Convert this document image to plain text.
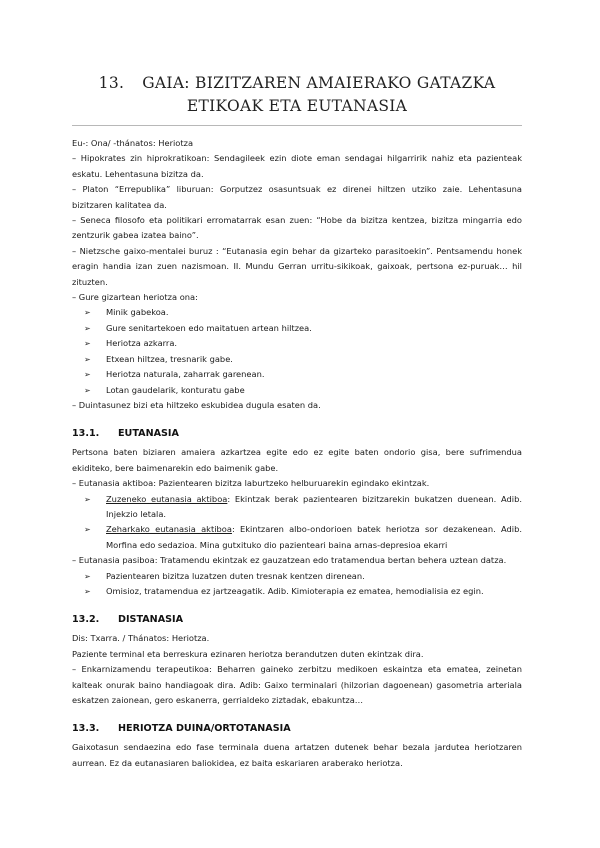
13. GAIA: BIZITZAREN AMAIERAKO GATAZKA
ETIKOAK ETA EUTANASIA

Eu-: Ona/ -thánatos: Heriotza

– Hipokrates zin hiprokratikoan: Sendagileek ezin diote eman sendagai hilgarririk nahiz eta pazienteak eskatu. Lehentasuna bizitza da.

– Platon “Errepublika” liburuan: Gorputzez osasuntsuak ez direnei hiltzen utziko zaie. Lehentasuna bizitzaren kalitatea da.

– Seneca filosofo eta politikari erromatarrak esan zuen: “Hobe da bizitza kentzea, bizitza mingarria edo zentzurik gabea izatea baino”.

– Nietzsche gaixo-mentalei buruz : “Eutanasia egin behar da gizarteko parasitoekin”. Pentsamendu honek eragin handia izan zuen nazismoan. II. Mundu Gerran urritu-sikikoak, gaixoak, pertsona ez-puruak… hil zituzten.

– Gure gizartean heriotza ona:

➢ Minik gabekoa.
➢ Gure senitartekoen edo maitatuen artean hiltzea.
➢ Heriotza azkarra.
➢ Etxean hiltzea, tresnarik gabe.
➢ Heriotza naturala, zaharrak garenean.
➢ Lotan gaudelarik, konturatu gabe

– Duintasunez bizi eta hiltzeko eskubidea dugula esaten da.

13.1. EUTANASIA

Pertsona baten biziaren amaiera azkartzea egite edo ez egite baten ondorio gisa, bere sufrimendua ekiditeko, bere baimenarekin edo baimenik gabe.

– Eutanasia aktiboa: Pazientearen bizitza laburtzeko helburuarekin egindako ekintzak.

➢ Zuzeneko eutanasia aktiboa: Ekintzak berak pazientearen bizitzarekin bukatzen duenean. Adib. Injekzio letala.
➢ Zeharkako eutanasia aktiboa: Ekintzaren albo-ondorioen batek heriotza sor dezakenean. Adib. Morfina edo sedazioa. Mina gutxituko dio pazienteari baina arnas-depresioa ekarri

– Eutanasia pasiboa: Tratamendu ekintzak ez gauzatzean edo tratamendua bertan behera uztean datza.

➢ Pazientearen bizitza luzatzen duten tresnak kentzen direnean.
➢ Omisioz, tratamendua ez jartzeagatik. Adib. Kimioterapia ez ematea, hemodialisia ez egin.
13.2. DISTANASIA

Dis: Txarra. / Thánatos: Heriotza.

Paziente terminal eta berreskura ezinaren heriotza berandutzen duten ekintzak dira.

– Enkarnizamendu terapeutikoa: Beharren gaineko zerbitzu medikoen eskaintza eta ematea, zeinetan kalteak onurak baino handiagoak dira. Adib: Gaixo terminalari (hilzorian dagoenean) gasometria arteriala eskatzen zaionean, gero eskanerra, gerrialdeko ziztadak, ebakuntza…

13.3. HERIOTZA DUINA/ORTOTANASIA

Gaixotasun sendaezina edo fase terminala duena artatzen dutenek behar bezala jardutea heriotzaren aurrean. Ez da eutanasiaren baliokidea, ez baita eskariaren araberako heriotza.
